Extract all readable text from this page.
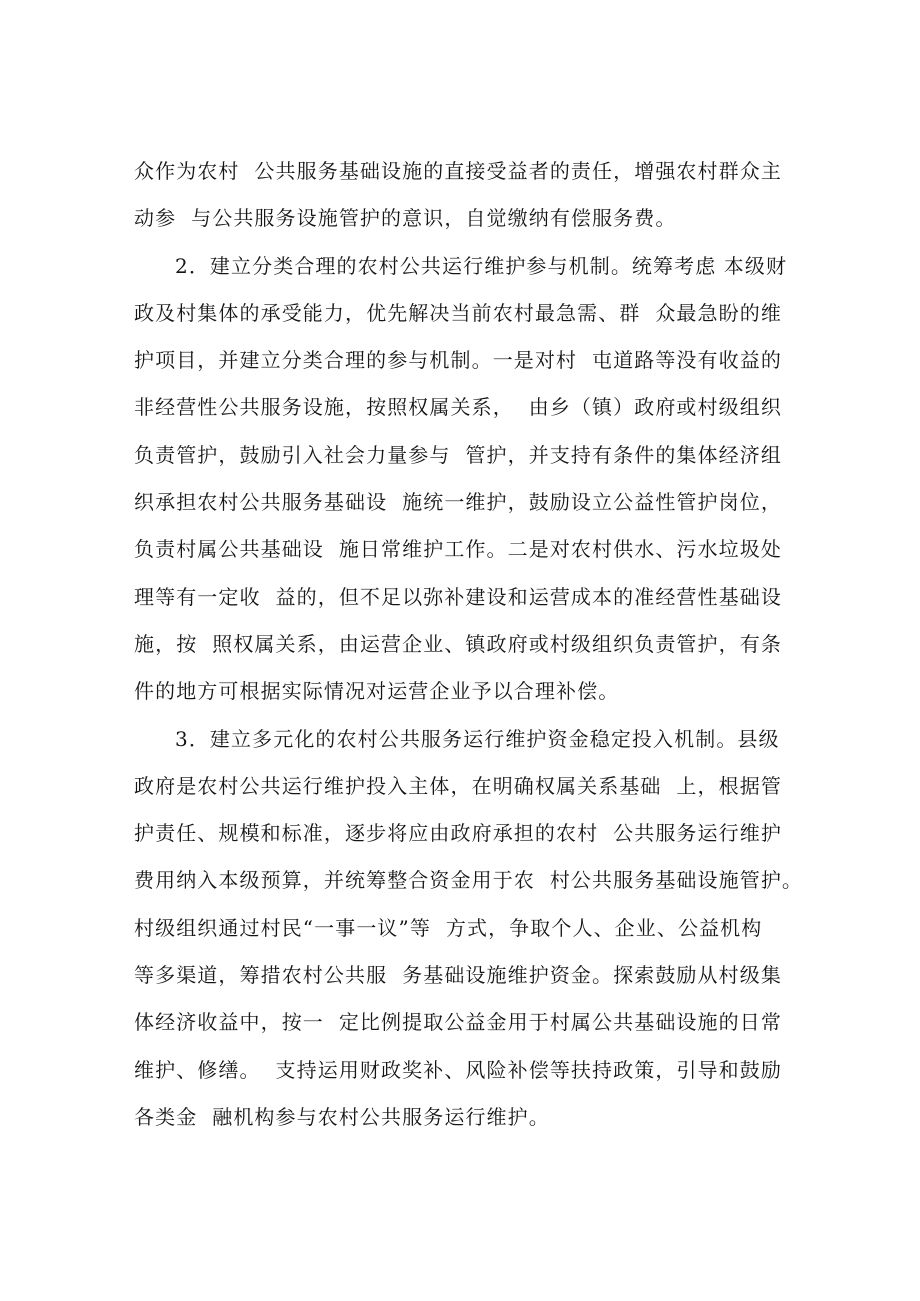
众作为农村  公共服务基础设施的直接受益者的责任，增强农村群众主
动参  与公共服务设施管护的意识，自觉缴纳有偿服务费。
2．建立分类合理的农村公共运行维护参与机制。统筹考虑 本级财
政及村集体的承受能力，优先解决当前农村最急需、群  众最急盼的维
护项目，并建立分类合理的参与机制。一是对村  屯道路等没有收益的
非经营性公共服务设施，按照权属关系，  由乡（镇）政府或村级组织
负责管护，鼓励引入社会力量参与  管护，并支持有条件的集体经济组
织承担农村公共服务基础设  施统一维护，鼓励设立公益性管护岗位，
负责村属公共基础设  施日常维护工作。二是对农村供水、污水垃圾处
理等有一定收  益的，但不足以弥补建设和运营成本的准经营性基础设
施，按  照权属关系，由运营企业、镇政府或村级组织负责管护，有条
件的地方可根据实际情况对运营企业予以合理补偿。
3．建立多元化的农村公共服务运行维护资金稳定投入机制。县级
政府是农村公共运行维护投入主体，在明确权属关系基础  上，根据管
护责任、规模和标准，逐步将应由政府承担的农村  公共服务运行维护
费用纳入本级预算，并统筹整合资金用于农  村公共服务基础设施管护。
村级组织通过村民“一事一议”等  方式，争取个人、企业、公益机构
等多渠道，筹措农村公共服  务基础设施维护资金。探索鼓励从村级集
体经济收益中，按一  定比例提取公益金用于村属公共基础设施的日常
维护、修缮。  支持运用财政奖补、风险补偿等扶持政策，引导和鼓励
各类金  融机构参与农村公共服务运行维护。
